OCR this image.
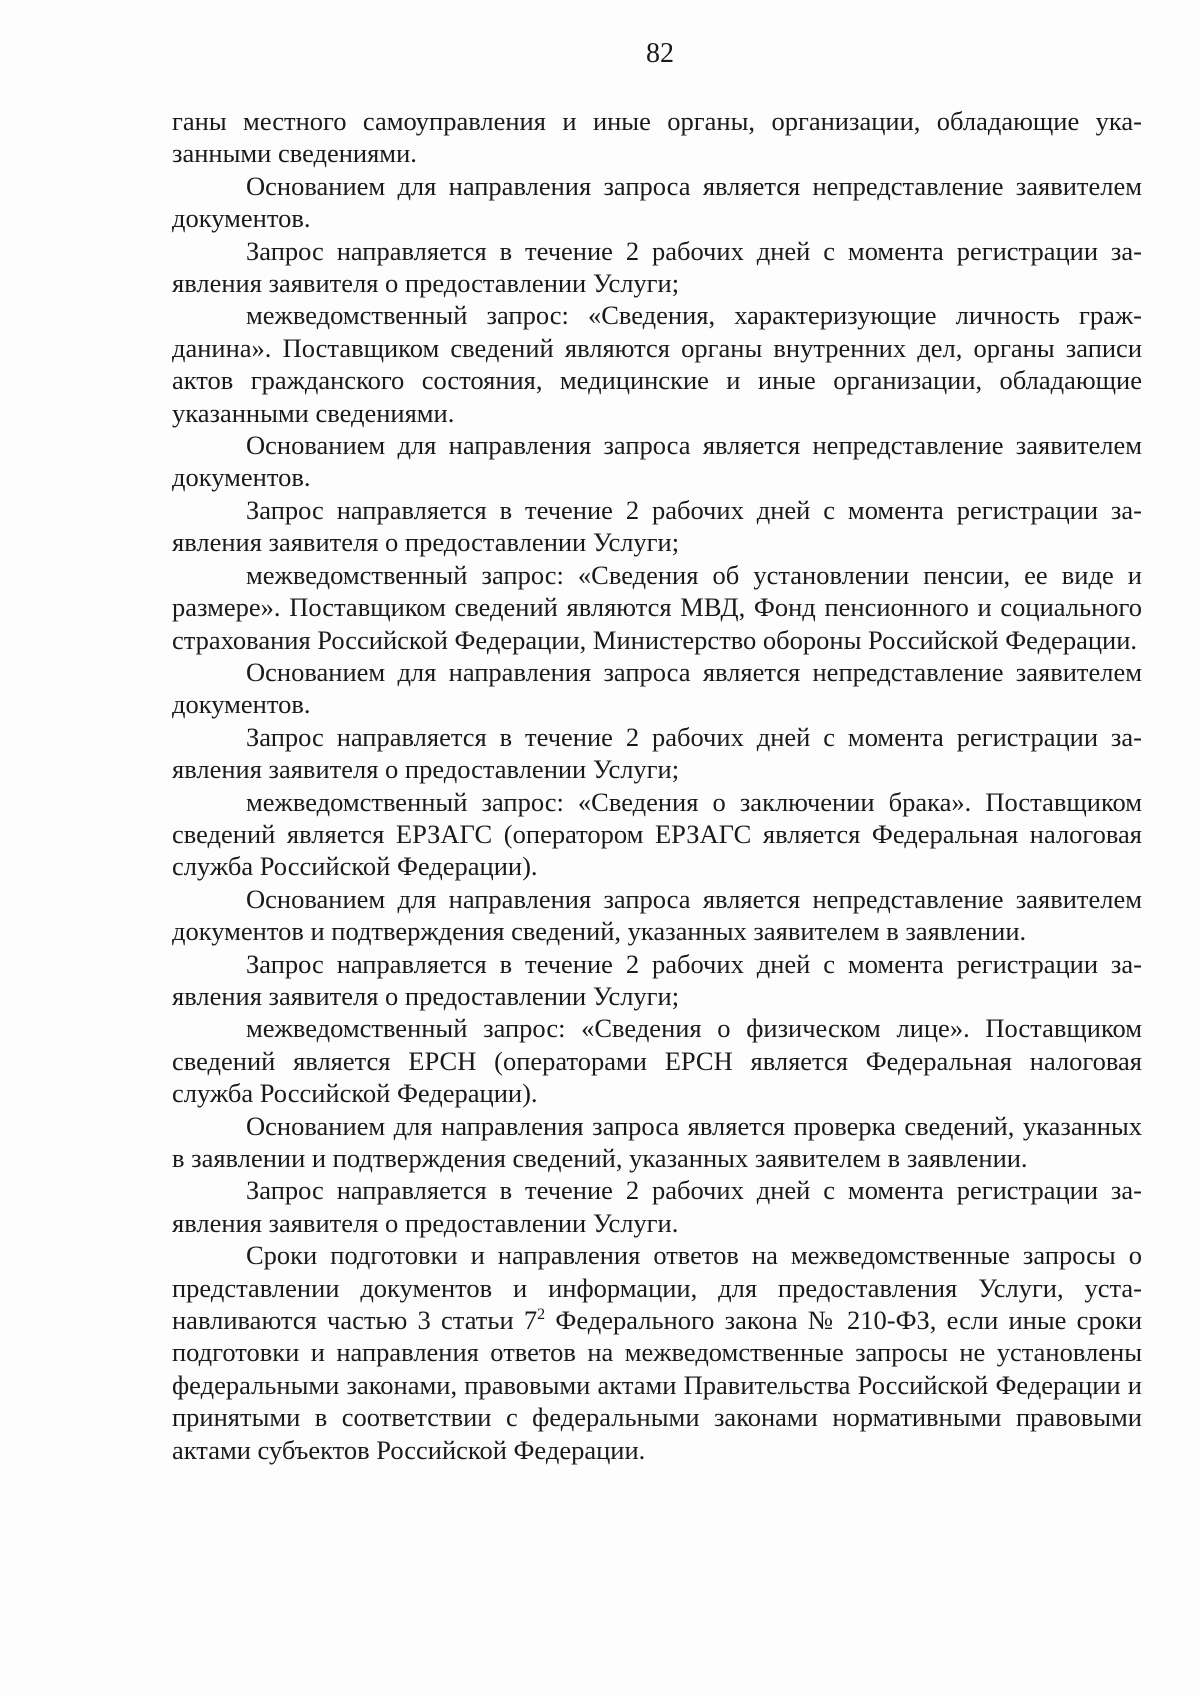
82

ганы местного самоуправления и иные органы, организации, обладающие указанными сведениями.

Основанием для направления запроса является непредставление заявителем документов.

Запрос направляется в течение 2 рабочих дней с момента регистрации заявления заявителя о предоставлении Услуги;

межведомственный запрос: «Сведения, характеризующие личность гражданина». Поставщиком сведений являются органы внутренних дел, органы записи актов гражданского состояния, медицинские и иные организации, обладающие указанными сведениями.

Основанием для направления запроса является непредставление заявителем документов.

Запрос направляется в течение 2 рабочих дней с момента регистрации заявления заявителя о предоставлении Услуги;

межведомственный запрос: «Сведения об установлении пенсии, ее виде и размере». Поставщиком сведений являются МВД, Фонд пенсионного и социального страхования Российской Федерации, Министерство обороны Российской Федерации.

Основанием для направления запроса является непредставление заявителем документов.

Запрос направляется в течение 2 рабочих дней с момента регистрации заявления заявителя о предоставлении Услуги;

межведомственный запрос: «Сведения о заключении брака». Поставщиком сведений является ЕРЗАГС (оператором ЕРЗАГС является Федеральная налоговая служба Российской Федерации).

Основанием для направления запроса является непредставление заявителем документов и подтверждения сведений, указанных заявителем в заявлении.

Запрос направляется в течение 2 рабочих дней с момента регистрации заявления заявителя о предоставлении Услуги;

межведомственный запрос: «Сведения о физическом лице». Поставщиком сведений является ЕРСН (операторами ЕРСН является Федеральная налоговая служба Российской Федерации).

Основанием для направления запроса является проверка сведений, указанных в заявлении и подтверждения сведений, указанных заявителем в заявлении.

Запрос направляется в течение 2 рабочих дней с момента регистрации заявления заявителя о предоставлении Услуги.

Сроки подготовки и направления ответов на межведомственные запросы о представлении документов и информации, для предоставления Услуги, устанавливаются частью 3 статьи $7^2$ Федерального закона № 210-ФЗ, если иные сроки подготовки и направления ответов на межведомственные запросы не установлены федеральными законами, правовыми актами Правительства Российской Федерации и принятыми в соответствии с федеральными законами нормативными правовыми актами субъектов Российской Федерации.
